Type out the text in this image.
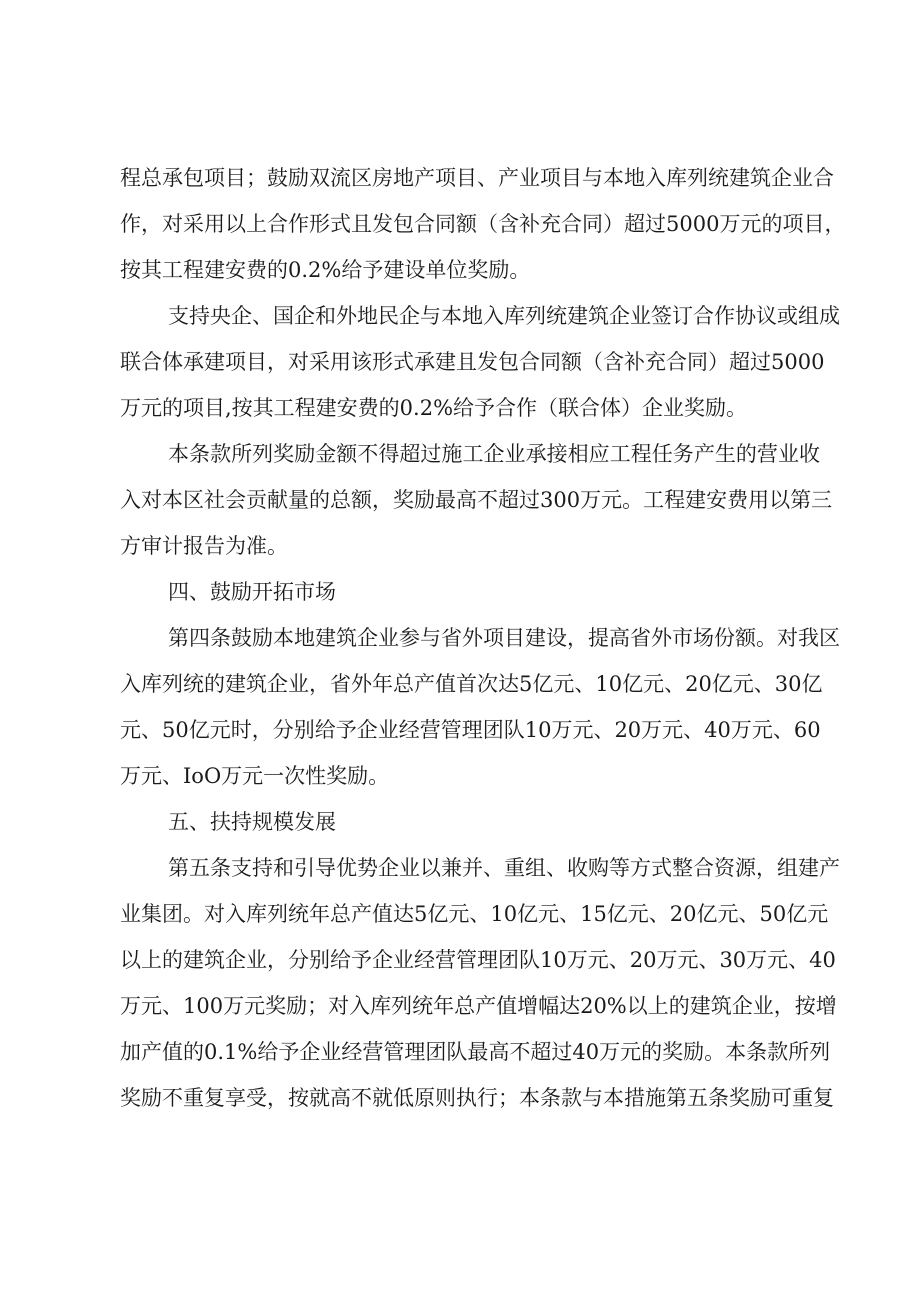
程总承包项目；鼓励双流区房地产项目、产业项目与本地入库列统建筑企业合
作，对采用以上合作形式且发包合同额（含补充合同）超过5000万元的项目，
按其工程建安费的0.2%给予建设单位奖励。
支持央企、国企和外地民企与本地入库列统建筑企业签订合作协议或组成
联合体承建项目，对采用该形式承建且发包合同额（含补充合同）超过5000
万元的项目,按其工程建安费的0.2%给予合作（联合体）企业奖励。
本条款所列奖励金额不得超过施工企业承接相应工程任务产生的营业收
入对本区社会贡献量的总额，奖励最高不超过300万元。工程建安费用以第三
方审计报告为准。
四、鼓励开拓市场
第四条鼓励本地建筑企业参与省外项目建设，提高省外市场份额。对我区
入库列统的建筑企业，省外年总产值首次达5亿元、10亿元、20亿元、30亿
元、50亿元时，分别给予企业经营管理团队10万元、20万元、40万元、60
万元、IoO万元一次性奖励。
五、扶持规模发展
第五条支持和引导优势企业以兼并、重组、收购等方式整合资源，组建产
业集团。对入库列统年总产值达5亿元、10亿元、15亿元、20亿元、50亿元
以上的建筑企业，分别给予企业经营管理团队10万元、20万元、30万元、40
万元、100万元奖励；对入库列统年总产值增幅达20%以上的建筑企业，按增
加产值的0.1%给予企业经营管理团队最高不超过40万元的奖励。本条款所列
奖励不重复享受，按就高不就低原则执行；本条款与本措施第五条奖励可重复
